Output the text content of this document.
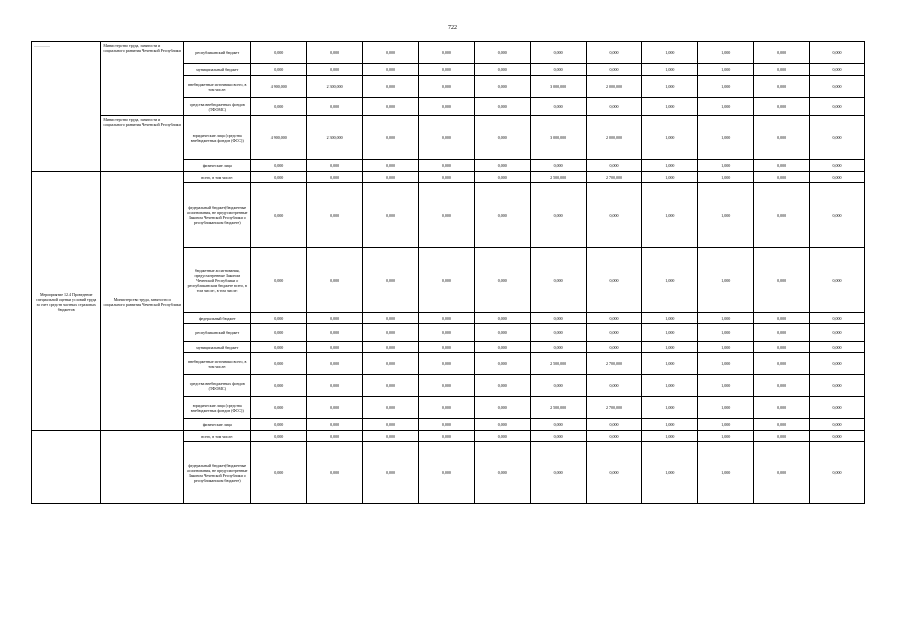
722
................	Министерство труда, занятости и социального развития Чеченской Республики	республиканский бюджет	0,000	0,000	0,000	0,000	0,000	0,000	0,000	1,000	1,000	0,000	0,000
		муниципальный бюджет	0,000	0,000	0,000	0,000	0,000	0,000	0,000	1,000	1,000	0,000	0,000
		внебюджетные источники всего, в том числе:	4 900,000	2 300,000	0,000	0,000	0,000	3 000,000	2 000,000	1,000	1,000	0,000	0,000
		средства внебюджетных фондов (ТФОМС)	0,000	0,000	0,000	0,000	0,000	0,000	0,000	1,000	1,000	0,000	0,000
	Министерство труда, занятости и социального развития Чеченской Республики	юридические лица (средства внебюджетных фондов (ФСС))	4 900,000	2 300,000	0,000	0,000	0,000	3 000,000	2 000,000	1,000	1,000	0,000	0,000
		физические лица	0,000	0,000	0,000	0,000	0,000	0,000	0,000	1,000	1,000	0,000	0,000
Мероприятие 12.4 Проведение специальной оценки условий труда за счет средств частных страховых бюджетов	Министерство труда, занятости и социального развития Чеченской Республики	всего, в том числе:	0,000	0,000	0,000	0,000	0,000	2 500,000	2 700,000	1,000	1,000	0,000	0,000
		федеральный бюджет(бюджетные ассигнования, не предусмотренные Законом Чеченской Республики о республиканском бюджете)	0,000	0,000	0,000	0,000	0,000	0,000	0,000	1,000	1,000	0,000	0,000
		бюджетные ассигнования, предусмотренные Законом Чеченской Республики о республиканском бюджете всего, в том числе:, в том числе:	0,000	0,000	0,000	0,000	0,000	0,000	0,000	1,000	1,000	0,000	0,000
		федеральный бюджет	0,000	0,000	0,000	0,000	0,000	0,000	0,000	1,000	1,000	0,000	0,000
		республиканский бюджет	0,000	0,000	0,000	0,000	0,000	0,000	0,000	1,000	1,000	0,000	0,000
		муниципальный бюджет	0,000	0,000	0,000	0,000	0,000	0,000	0,000	1,000	1,000	0,000	0,000
		внебюджетные источники всего, в том числе:	0,000	0,000	0,000	0,000	0,000	2 500,000	2 700,000	1,000	1,000	0,000	0,000
		средства внебюджетных фондов (ТФОМС)	0,000	0,000	0,000	0,000	0,000	0,000	0,000	1,000	1,000	0,000	0,000
		юридические лица (средства внебюджетных фондов (ФСС))	0,000	0,000	0,000	0,000	0,000	2 500,000	2 700,000	1,000	1,000	0,000	0,000
		физические лица	0,000	0,000	0,000	0,000	0,000	0,000	0,000	1,000	1,000	0,000	0,000
		всего, в том числе:	0,000	0,000	0,000	0,000	0,000	0,000	0,000	1,000	1,000	0,000	0,000
		федеральный бюджет(бюджетные ассигнования, не предусмотренные Законом Чеченской Республики о республиканском бюджете)	0,000	0,000	0,000	0,000	0,000	0,000	0,000	1,000	1,000	0,000	0,000
